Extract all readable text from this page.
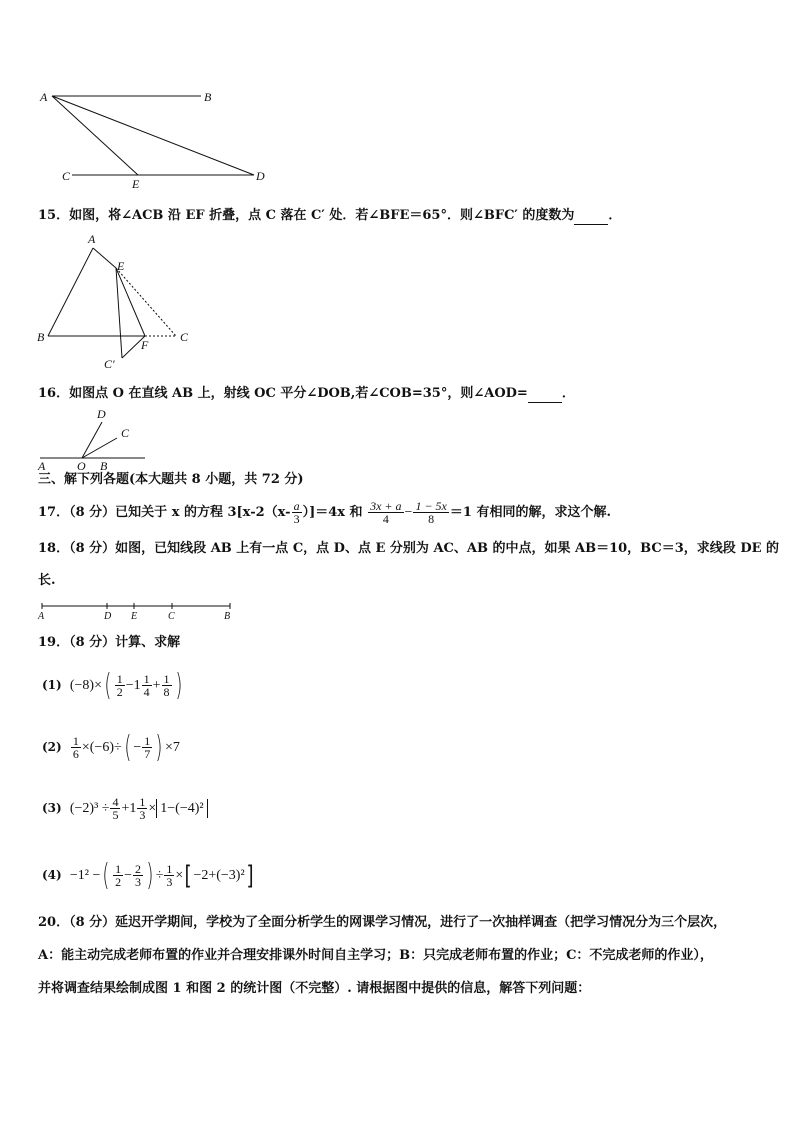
A	B
C	D
E
15．如图，将∠ACB 沿 EF 折叠，点 C 落在 C′ 处．若∠BFE＝65°．则∠BFC′ 的度数为	．
A
E
B	C
F
C′
16．如图点 O 在直线 AB 上，射线 OC 平分∠DOB,若∠COB=35°，则∠AOD=	．
D
C
A	O B
三、解下列各题(本大题共 8 小题，共 72 分)
17．（8 分）已知关于 x 的方程 $3[x-2(x- \frac{a}{3} )]=4x$ 和 $\frac{3x + a}{4} - \frac{1 - 5x}{8} =1$ 有相同的解，求这个解.
18．（8 分）如图，已知线段 AB 上有一点 C，点 D、点 E 分别为 AC、AB 的中点，如果 AB＝10，BC＝3，求线段 DE 的
长.
A	D E	C	B
19．（8 分）计算、求解
(1) $(-8)\times( \frac{1}{2} -1 \frac{1}{4} + \frac{1}{8}$ )
$(2) \frac{1}{6} \times(-6)\div( - \frac{1}{7}$ ) ×7
(3) $(-2)^3 \div \frac{4}{5} +1 \frac{1}{3} \times 1-(-4)^2$
(4) −1² −( $\frac{1}{2} - \frac{2}{3}$ ) ÷ $\frac{1}{3}$ ×[ −2+(−3)²]
20．（8 分）延迟开学期间，学校为了全面分析学生的网课学习情况，进行了一次抽样调查（把学习情况分为三个层次，
A：能主动完成老师布置的作业并合理安排课外时间自主学习；B：只完成老师布置的作业；C：不完成老师的作业），
并将调查结果绘制成图 1 和图 2 的统计图（不完整）. 请根据图中提供的信息，解答下列问题：
